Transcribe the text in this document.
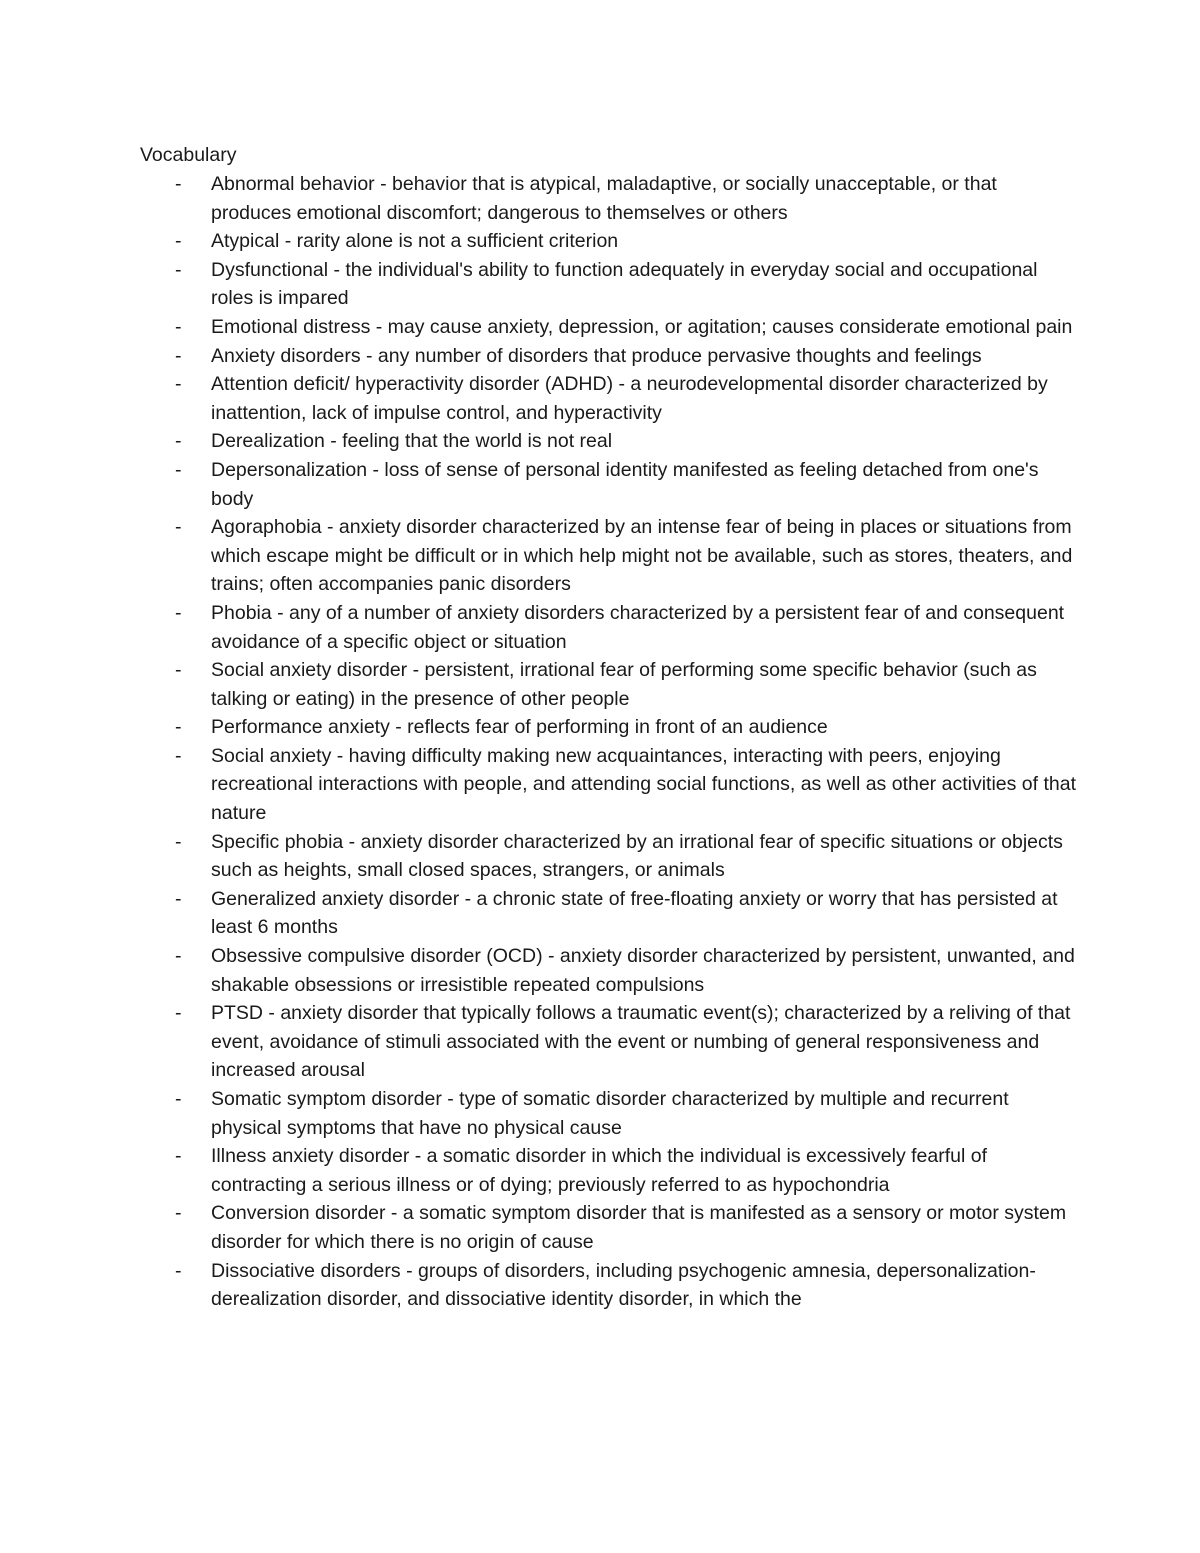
Vocabulary
- Abnormal behavior - behavior that is atypical, maladaptive, or socially unacceptable, or that produces emotional discomfort; dangerous to themselves or others
- Atypical - rarity alone is not a sufficient criterion
- Dysfunctional - the individual's ability to function adequately in everyday social and occupational roles is impared
- Emotional distress - may cause anxiety, depression, or agitation; causes considerate emotional pain
- Anxiety disorders - any number of disorders that produce pervasive thoughts and feelings
- Attention deficit/ hyperactivity disorder (ADHD) - a neurodevelopmental disorder characterized by inattention, lack of impulse control, and hyperactivity
- Derealization - feeling that the world is not real
- Depersonalization - loss of sense of personal identity manifested as feeling detached from one's body
- Agoraphobia - anxiety disorder characterized by an intense fear of being in places or situations from which escape might be difficult or in which help might not be available, such as stores, theaters, and trains; often accompanies panic disorders
- Phobia - any of a number of anxiety disorders characterized by a persistent fear of and consequent avoidance of a specific object or situation
- Social anxiety disorder - persistent, irrational fear of performing some specific behavior (such as talking or eating) in the presence of other people
- Performance anxiety - reflects fear of performing in front of an audience
- Social anxiety - having difficulty making new acquaintances, interacting with peers, enjoying recreational interactions with people, and attending social functions, as well as other activities of that nature
- Specific phobia - anxiety disorder characterized by an irrational fear of specific situations or objects such as heights, small closed spaces, strangers, or animals
- Generalized anxiety disorder - a chronic state of free-floating anxiety or worry that has persisted at least 6 months
- Obsessive compulsive disorder (OCD) - anxiety disorder characterized by persistent, unwanted, and shakable obsessions or irresistible repeated compulsions
- PTSD - anxiety disorder that typically follows a traumatic event(s); characterized by a reliving of that event, avoidance of stimuli associated with the event or numbing of general responsiveness and increased arousal
- Somatic symptom disorder - type of somatic disorder characterized by multiple and recurrent physical symptoms that have no physical cause
- Illness anxiety disorder - a somatic disorder in which the individual is excessively fearful of contracting a serious illness or of dying; previously referred to as hypochondria
- Conversion disorder - a somatic symptom disorder that is manifested as a sensory or motor system disorder for which there is no origin of cause
- Dissociative disorders - groups of disorders, including psychogenic amnesia, depersonalization-derealization disorder, and dissociative identity disorder, in which the
